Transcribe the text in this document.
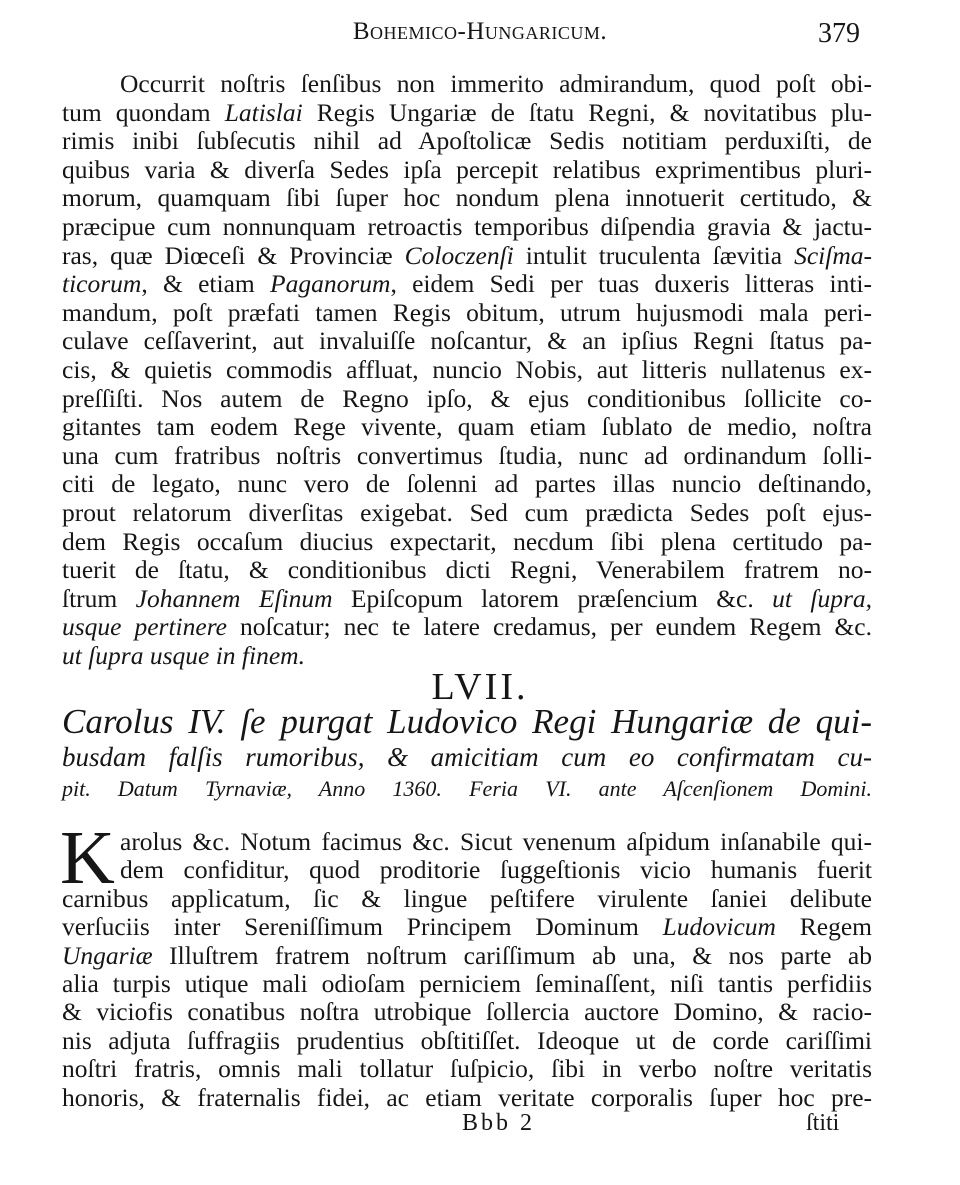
Bohemico-Hungaricum.	379
Occurrit noſtris ſenſibus non immerito admirandum, quod poſt obi-
tum quondam Latislai Regis Ungariæ de ſtatu Regni, & novitatibus plu-
rimis inibi ſubſecutis nihil ad Apoſtolicæ Sedis notitiam perduxiſti, de
quibus varia & diverſa Sedes ipſa percepit relatibus exprimentibus pluri-
morum, quamquam ſibi ſuper hoc nondum plena innotuerit certitudo, &
præcipue cum nonnunquam retroactis temporibus diſpendia gravia & jactu-
ras, quæ Diœceſi & Provinciæ Coloczenſi intulit truculenta ſævitia Sciſma-
ticorum, & etiam Paganorum, eidem Sedi per tuas duxeris litteras inti-
mandum, poſt præfati tamen Regis obitum, utrum hujusmodi mala peri-
culave ceſſaverint, aut invaluiſſe noſcantur, & an ipſius Regni ſtatus pa-
cis, & quietis commodis affluat, nuncio Nobis, aut litteris nullatenus ex-
preſſiſti. Nos autem de Regno ipſo, & ejus conditionibus ſollicite co-
gitantes tam eodem Rege vivente, quam etiam ſublato de medio, noſtra
una cum fratribus noſtris convertimus ſtudia, nunc ad ordinandum ſolli-
citi de legato, nunc vero de ſolenni ad partes illas nuncio deſtinando,
prout relatorum diverſitas exigebat. Sed cum prædicta Sedes poſt ejus-
dem Regis occaſum diucius expectarit, necdum ſibi plena certitudo pa-
tuerit de ſtatu, & conditionibus dicti Regni, Venerabilem fratrem no-
ſtrum Johannem Eſinum Epiſcopum latorem præſencium &c. ut ſupra,
usque pertinere noſcatur; nec te latere credamus, per eundem Regem &c.
ut ſupra usque in finem.
LVII.
Carolus IV. ſe purgat Ludovico Regi Hungariæ de qui-
busdam falſis rumoribus, & amicitiam cum eo confirmatam cu-
pit. Datum Tyrnaviæ, Anno 1360. Feria VI. ante Aſcenſionem Domini.
K arolus &c. Notum facimus &c. Sicut venenum aſpidum inſanabile qui-
dem confiditur, quod proditorie ſuggeſtionis vicio humanis fuerit
carnibus applicatum, ſic & lingue peſtifere virulente ſaniei delibute
verſuciis inter Sereniſſimum Principem Dominum Ludovicum Regem
Ungariæ Illuſtrem fratrem noſtrum cariſſimum ab una, & nos parte ab
alia turpis utique mali odioſam perniciem ſeminaſſent, niſi tantis perfidiis
& viciofis conatibus noſtra utrobique ſollercia auctore Domino, & racio-
nis adjuta ſuffragiis prudentius obſtitiſſet. Ideoque ut de corde cariſſimi
noſtri fratris, omnis mali tollatur ſuſpicio, ſibi in verbo noſtre veritatis
honoris, & fraternalis fidei, ac etiam veritate corporalis ſuper hoc pre-
Bbb 2	ſtiti
